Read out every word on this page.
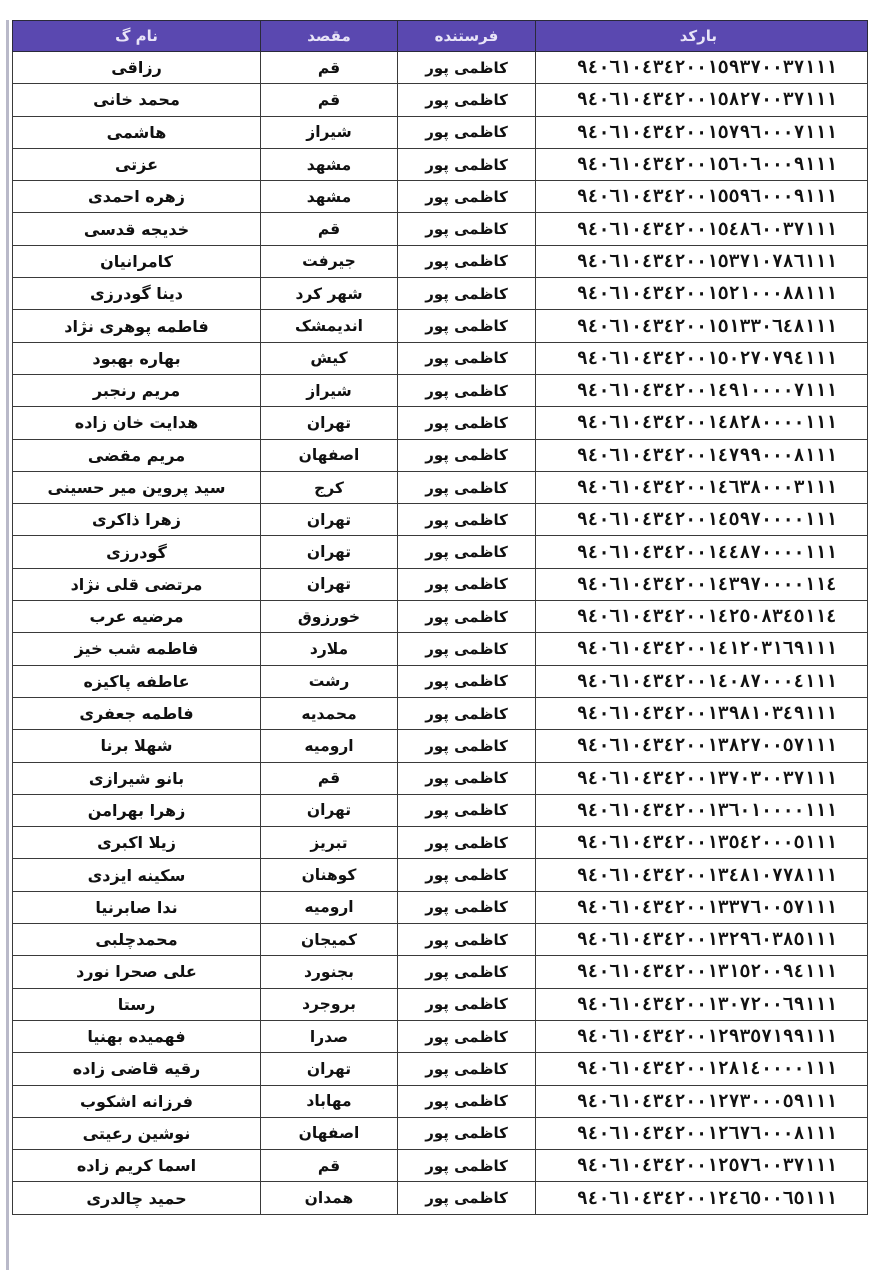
نام گ	مقصد	فرستنده	بارکد
رزاقی	قم	کاظمی پور	۹٤۰٦۱۰٤۳٤۲۰۰۱٥۹۳۷۰۰۳۷۱۱۱
محمد خانی	قم	کاظمی پور	۹٤۰٦۱۰٤۳٤۲۰۰۱٥۸۲۷۰۰۳۷۱۱۱
هاشمی	شیراز	کاظمی پور	۹٤۰٦۱۰٤۳٤۲۰۰۱٥۷۹٦۰۰۰۷۱۱۱
عزتی	مشهد	کاظمی پور	۹٤۰٦۱۰٤۳٤۲۰۰۱٥٦۰٦۰۰۰۹۱۱۱
زهره احمدی	مشهد	کاظمی پور	۹٤۰٦۱۰٤۳٤۲۰۰۱٥٥۹٦۰۰۰۹۱۱۱
خدیجه قدسی	قم	کاظمی پور	۹٤۰٦۱۰٤۳٤۲۰۰۱٥٤۸٦۰۰۳۷۱۱۱
کامرانیان	جیرفت	کاظمی پور	۹٤۰٦۱۰٤۳٤۲۰۰۱٥۳۷۱۰۷۸٦۱۱۱
دینا گودرزی	شهر کرد	کاظمی پور	۹٤۰٦۱۰٤۳٤۲۰۰۱٥۲۱۰۰۰۸۸۱۱۱
فاطمه پوهری نژاد	اندیمشک	کاظمی پور	۹٤۰٦۱۰٤۳٤۲۰۰۱٥۱۳۳۰٦٤۸۱۱۱
بهاره بهبود	کیش	کاظمی پور	۹٤۰٦۱۰٤۳٤۲۰۰۱٥۰۲۷۰۷۹٤۱۱۱
مریم رنجبر	شیراز	کاظمی پور	۹٤۰٦۱۰٤۳٤۲۰۰۱٤۹۱۰۰۰۰۷۱۱۱
هدایت خان زاده	تهران	کاظمی پور	۹٤۰٦۱۰٤۳٤۲۰۰۱٤۸۲۸۰۰۰۰۱۱۱
مریم مقضی	اصفهان	کاظمی پور	۹٤۰٦۱۰٤۳٤۲۰۰۱٤۷۹۹۰۰۰۸۱۱۱
سید پروین میر حسینی	کرج	کاظمی پور	۹٤۰٦۱۰٤۳٤۲۰۰۱٤٦۳۸۰۰۰۳۱۱۱
زهرا ذاکری	تهران	کاظمی پور	۹٤۰٦۱۰٤۳٤۲۰۰۱٤٥۹۷۰۰۰۰۱۱۱
گودرزی	تهران	کاظمی پور	۹٤۰٦۱۰٤۳٤۲۰۰۱٤٤۸۷۰۰۰۰۱۱۱
مرتضی قلی نژاد	تهران	کاظمی پور	۹٤۰٦۱۰٤۳٤۲۰۰۱٤۳۹۷۰۰۰۰۱۱٤
مرضیه عرب	خورزوق	کاظمی پور	۹٤۰٦۱۰٤۳٤۲۰۰۱٤۲٥۰۸۳٤٥۱۱٤
فاطمه شب خیز	ملارد	کاظمی پور	۹٤۰٦۱۰٤۳٤۲۰۰۱٤۱۲۰۳۱٦۹۱۱۱
عاطفه پاکیزه	رشت	کاظمی پور	۹٤۰٦۱۰٤۳٤۲۰۰۱٤۰۸۷۰۰۰٤۱۱۱
فاطمه جعفری	محمدیه	کاظمی پور	۹٤۰٦۱۰٤۳٤۲۰۰۱۳۹۸۱۰۳٤۹۱۱۱
شهلا برنا	ارومیه	کاظمی پور	۹٤۰٦۱۰٤۳٤۲۰۰۱۳۸۲۷۰۰٥۷۱۱۱
بانو شیرازی	قم	کاظمی پور	۹٤۰٦۱۰٤۳٤۲۰۰۱۳۷۰۳۰۰۳۷۱۱۱
زهرا بهرامن	تهران	کاظمی پور	۹٤۰٦۱۰٤۳٤۲۰۰۱۳٦۰۱۰۰۰۰۱۱۱
زیلا اکبری	تبریز	کاظمی پور	۹٤۰٦۱۰٤۳٤۲۰۰۱۳٥٤۲۰۰۰٥۱۱۱
سکینه ایزدی	کوهنان	کاظمی پور	۹٤۰٦۱۰٤۳٤۲۰۰۱۳٤۸۱۰۷۷۸۱۱۱
ندا صابرنیا	ارومیه	کاظمی پور	۹٤۰٦۱۰٤۳٤۲۰۰۱۳۳۷٦۰۰٥۷۱۱۱
محمدچلبی	کمیجان	کاظمی پور	۹٤۰٦۱۰٤۳٤۲۰۰۱۳۲۹٦۰۳۸٥۱۱۱
علی صحرا نورد	بجنورد	کاظمی پور	۹٤۰٦۱۰٤۳٤۲۰۰۱۳۱٥۲۰۰۹٤۱۱۱
رستا	بروجرد	کاظمی پور	۹٤۰٦۱۰٤۳٤۲۰۰۱۳۰۷۲۰۰٦۹۱۱۱
فهمیده بهنیا	صدرا	کاظمی پور	۹٤۰٦۱۰٤۳٤۲۰۰۱۲۹۳٥۷۱۹۹۱۱۱
رقیه قاضی زاده	تهران	کاظمی پور	۹٤۰٦۱۰٤۳٤۲۰۰۱۲۸۱٤۰۰۰۰۱۱۱
فرزانه اشکوب	مهاباد	کاظمی پور	۹٤۰٦۱۰٤۳٤۲۰۰۱۲۷۳۰۰۰٥۹۱۱۱
نوشین رعیتی	اصفهان	کاظمی پور	۹٤۰٦۱۰٤۳٤۲۰۰۱۲٦۷٦۰۰۰۸۱۱۱
اسما کریم زاده	قم	کاظمی پور	۹٤۰٦۱۰٤۳٤۲۰۰۱۲٥۷٦۰۰۳۷۱۱۱
حمید چالدری	همدان	کاظمی پور	۹٤۰٦۱۰٤۳٤۲۰۰۱۲٤٦٥۰۰٦٥۱۱۱
